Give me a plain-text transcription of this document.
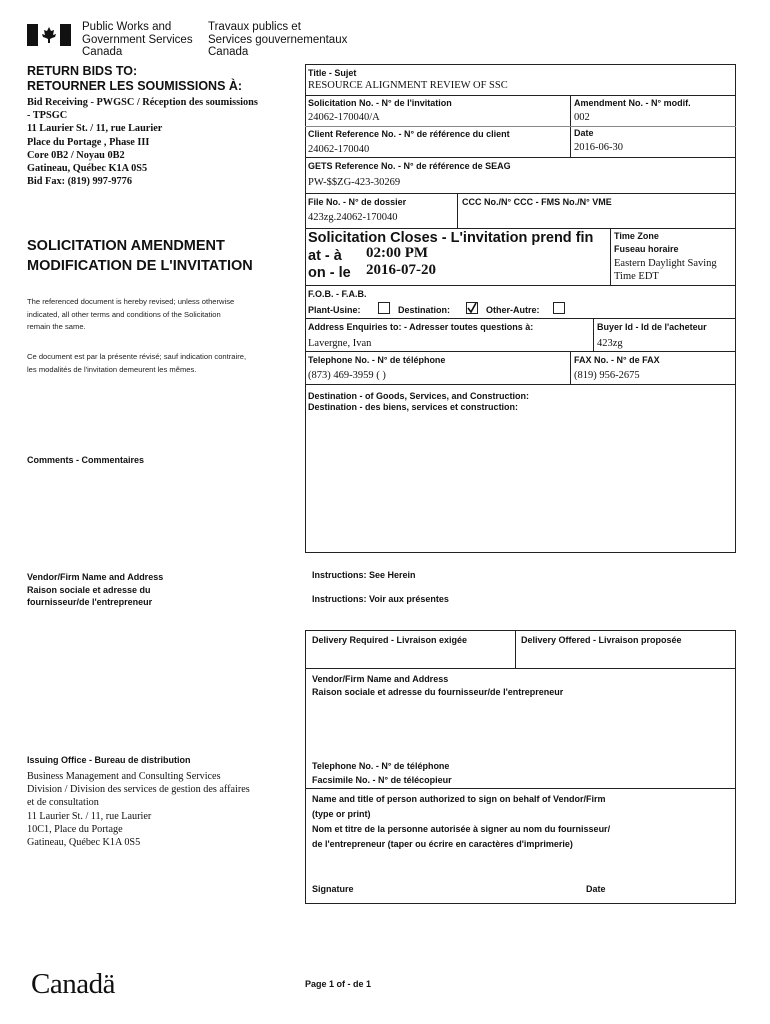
Public Works and
Government Services
Canada
Travaux publics et
Services gouvernementaux
Canada
RETURN BIDS TO:
RETOURNER LES SOUMISSIONS À:
Bid Receiving - PWGSC / Réception des soumissions
- TPSGC
11 Laurier St. / 11, rue Laurier
Place du Portage , Phase III
Core 0B2 / Noyau 0B2
Gatineau, Québec K1A 0S5
Bid Fax: (819) 997-9776
SOLICITATION AMENDMENT
MODIFICATION DE L'INVITATION
The referenced document is hereby revised; unless otherwise
indicated, all other terms and conditions of the Solicitation
remain the same.
Ce document est par la présente révisé; sauf indication contraire,
les modalités de l'invitation demeurent les mêmes.
Comments - Commentaires
Vendor/Firm Name and Address
Raison sociale et adresse du
fournisseur/de l'entrepreneur
Issuing Office - Bureau de distribution
Business Management and Consulting Services
Division / Division des services de gestion des affaires
et de consultation
11 Laurier St. / 11, rue Laurier
10C1, Place du Portage
Gatineau, Québec K1A 0S5
Title - Sujet
RESOURCE ALIGNMENT REVIEW OF SSC
Solicitation No. - N° de l'invitation
24062-170040/A
Amendment No. - N° modif.
002
Client Reference No. - N° de référence du client
24062-170040
Date
2016-06-30
GETS Reference No. - N° de référence de SEAG
PW-$$ZG-423-30269
File No. - N° de dossier
423zg.24062-170040
CCC No./N° CCC - FMS No./N° VME
Solicitation Closes - L'invitation prend fin
at - à 02:00 PM
on - le 2016-07-20
Time Zone
Fuseau horaire
Eastern Daylight Saving
Time EDT
F.O.B. - F.A.B.
Plant-Usine:	Destination:	Other-Autre:
Address Enquiries to: - Adresser toutes questions à:
Lavergne, Ivan
Buyer Id - Id de l'acheteur
423zg
Telephone No. - N° de téléphone
(873) 469-3959 ( )
FAX No. - N° de FAX
(819) 956-2675
Destination - of Goods, Services, and Construction:
Destination - des biens, services et construction:
Instructions: See Herein
Instructions: Voir aux présentes
Delivery Required - Livraison exigée	Delivery Offered - Livraison proposée
Vendor/Firm Name and Address
Raison sociale et adresse du fournisseur/de l'entrepreneur
Telephone No. - N° de téléphone
Facsimile No. - N° de télécopieur
Name and title of person authorized to sign on behalf of Vendor/Firm
(type or print)
Nom et titre de la personne autorisée à signer au nom du fournisseur/
de l'entrepreneur (taper ou écrire en caractères d'imprimerie)
Signature	Date
Canadä	Page 1 of - de 1
